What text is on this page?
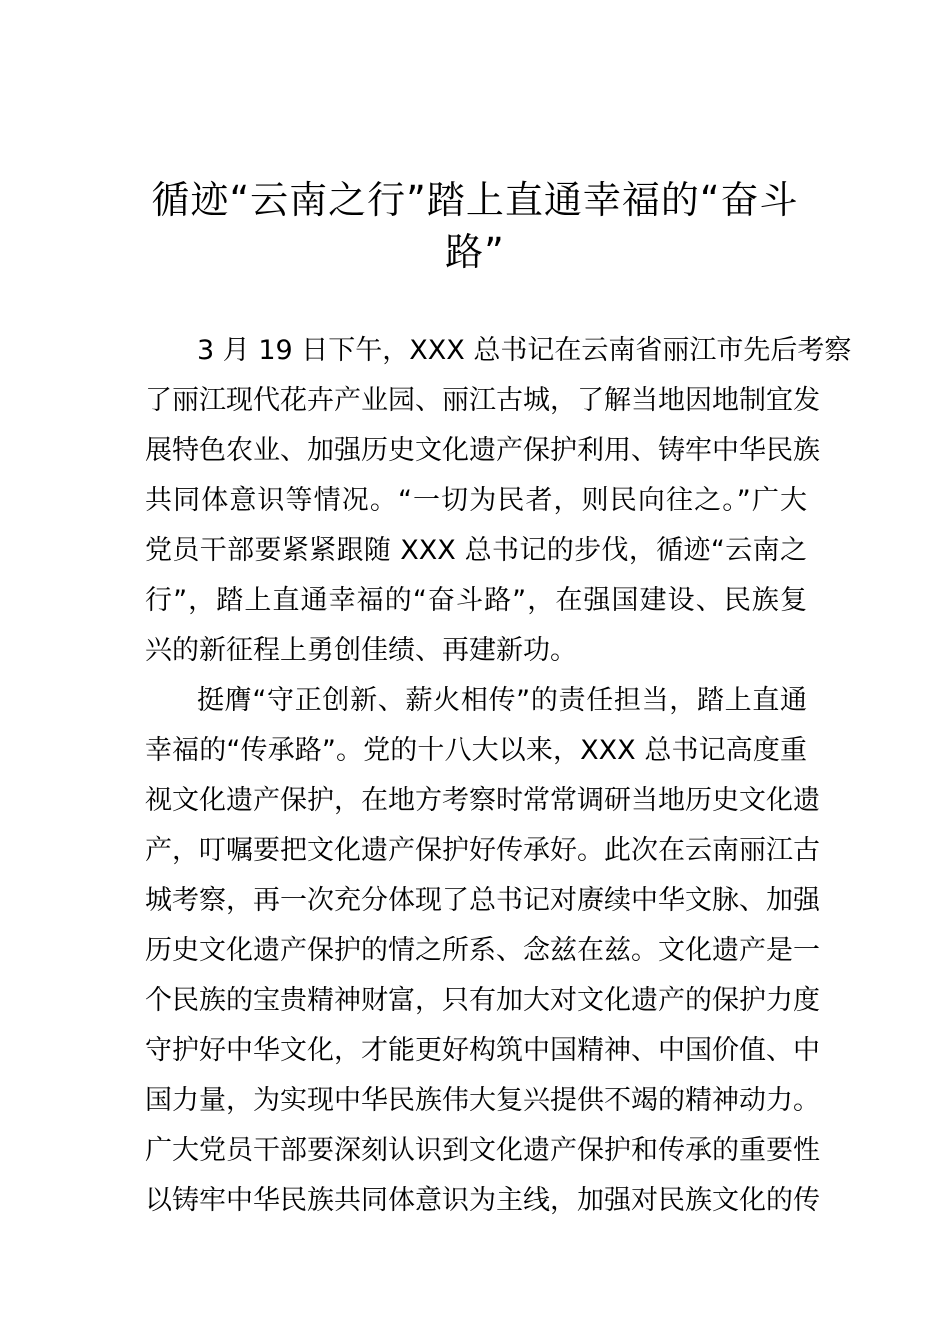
循迹“云南之行”踏上直通幸福的“奋斗
路”
3 月 19 日下午，XXX 总书记在云南省丽江市先后考察
了丽江现代花卉产业园、丽江古城，了解当地因地制宜发
展特色农业、加强历史文化遗产保护利用、铸牢中华民族
共同体意识等情况。“一切为民者，则民向往之。”广大
党员干部要紧紧跟随 XXX 总书记的步伐，循迹“云南之
行”，踏上直通幸福的“奋斗路”，在强国建设、民族复
兴的新征程上勇创佳绩、再建新功。
挺膺“守正创新、薪火相传”的责任担当，踏上直通
幸福的“传承路”。党的十八大以来，XXX 总书记高度重
视文化遗产保护，在地方考察时常常调研当地历史文化遗
产，叮嘱要把文化遗产保护好传承好。此次在云南丽江古
城考察，再一次充分体现了总书记对赓续中华文脉、加强
历史文化遗产保护的情之所系、念兹在兹。文化遗产是一
个民族的宝贵精神财富，只有加大对文化遗产的保护力度
守护好中华文化，才能更好构筑中国精神、中国价值、中
国力量，为实现中华民族伟大复兴提供不竭的精神动力。
广大党员干部要深刻认识到文化遗产保护和传承的重要性
以铸牢中华民族共同体意识为主线，加强对民族文化的传
